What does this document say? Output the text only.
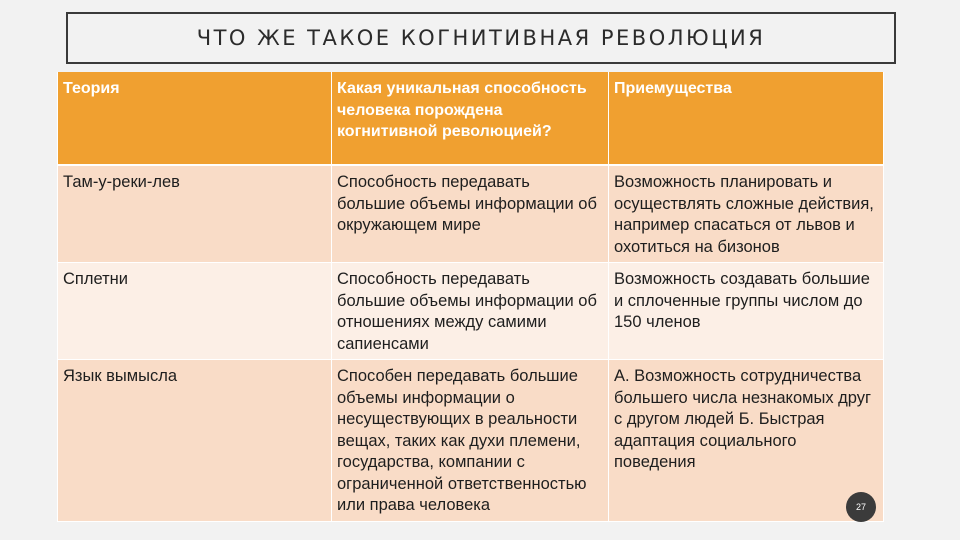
ЧТО ЖЕ ТАКОЕ КОГНИТИВНАЯ РЕВОЛЮЦИЯ
Теория	Какая уникальная способность человека порождена когнитивной революцией?	Приемущества
Там-у-реки-лев	Способность передавать большие объемы информации об окружающем мире	Возможность планировать и осуществлять сложные действия, например спасаться от львов и охотиться на бизонов
Сплетни	Способность передавать большие объемы информации об отношениях между самими сапиенсами	Возможность создавать большие и сплоченные группы числом до 150 членов
Язык вымысла	Способен передавать большие объемы информации о несуществующих в реальности вещах, таких как духи племени, государства, компании с ограниченной ответственностью или права человека	А. Возможность сотрудничества большего числа незнакомых друг с другом людей Б. Быстрая адаптация социального поведения
27
